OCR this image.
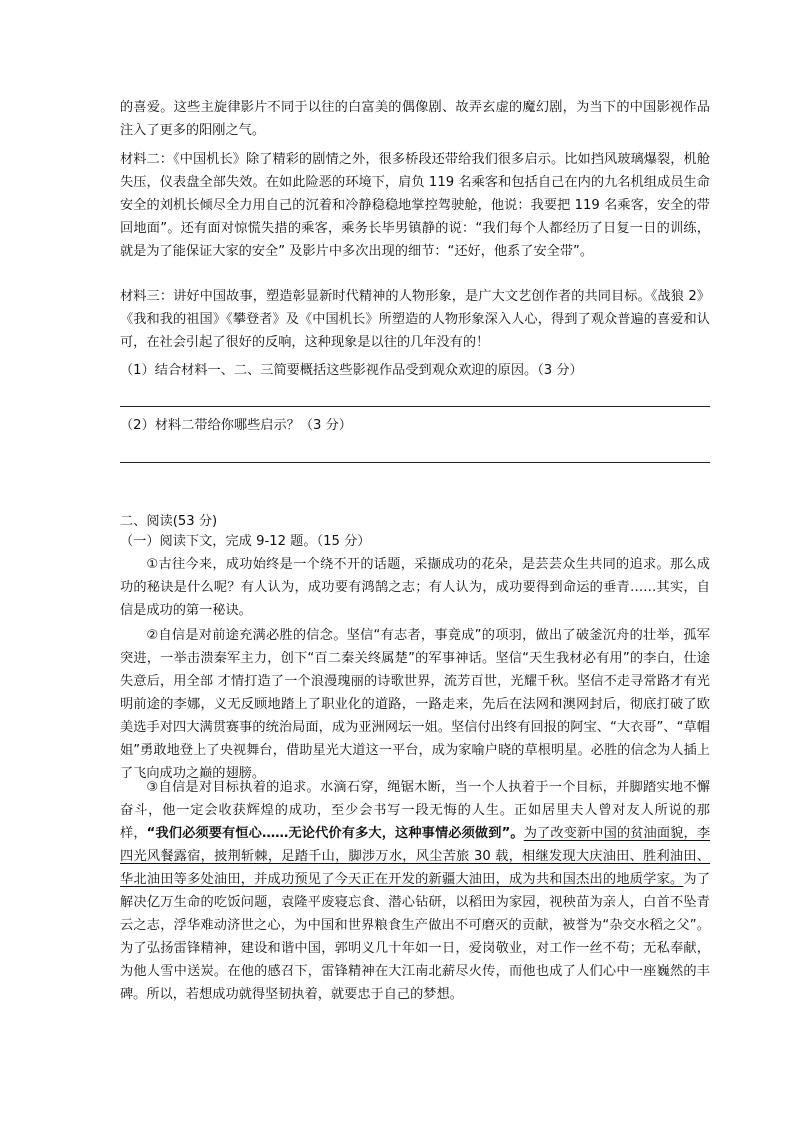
的喜爱。这些主旋律影片不同于以往的白富美的偶像剧、故弄玄虚的魔幻剧，为当下的中国影视作品注入了更多的阳刚之气。

材料二：《中国机长》除了精彩的剧情之外，很多桥段还带给我们很多启示。比如挡风玻璃爆裂，机舱失压，仪表盘全部失效。在如此险恶的环境下，肩负 119 名乘客和包括自己在内的九名机组成员生命安全的刘机长倾尽全力用自己的沉着和冷静稳稳地掌控驾驶舱，他说：我要把 119 名乘客，安全的带回地面”。还有面对惊慌失措的乘客，乘务长毕男镇静的说：“我们每个人都经历了日复一日的训练，就是为了能保证大家的安全” 及影片中多次出现的细节：“还好，他系了安全带”。

材料三：讲好中国故事，塑造彰显新时代精神的人物形象，是广大文艺创作者的共同目标。《战狼 2》《我和我的祖国》《攀登者》及《中国机长》所塑造的人物形象深入人心，得到了观众普遍的喜爱和认可，在社会引起了很好的反响，这种现象是以往的几年没有的！

（1）结合材料一、二、三简要概括这些影视作品受到观众欢迎的原因。（3 分）

（2）材料二带给你哪些启示？（3 分）

二、阅读(53 分)

（一）阅读下文，完成 9-12 题。（15 分）

①古往今来，成功始终是一个绕不开的话题，采撷成功的花朵，是芸芸众生共同的追求。那么成功的秘诀是什么呢？有人认为，成功要有鸿鹄之志；有人认为，成功要得到命运的垂青……其实，自信是成功的第一秘诀。

②自信是对前途充满必胜的信念。坚信“有志者，事竟成”的项羽，做出了破釜沉舟的壮举，孤军突进，一举击溃秦军主力，创下“百二秦关终属楚”的军事神话。坚信“天生我材必有用”的李白，仕途失意后，用全部 才情打造了一个浪漫瑰丽的诗歌世界，流芳百世，光耀千秋。坚信不走寻常路才有光明前途的李娜，义无反顾地踏上了职业化的道路，一路走来，先后在法网和澳网封后，彻底打破了欧美选手对四大满贯赛事的统治局面，成为亚洲网坛一姐。坚信付出终有回报的阿宝、“大衣哥”、“草帽姐”勇敢地登上了央视舞台，借助星光大道这一平台，成为家喻户晓的草根明星。必胜的信念为人插上了飞向成功之巅的翅膀。

③自信是对目标执着的追求。水滴石穿，绳锯木断，当一个人执着于一个目标，并脚踏实地不懈奋斗，他一定会收获辉煌的成功，至少会书写一段无悔的人生。正如居里夫人曾对友人所说的那样，“我们必须要有恒心……无论代价有多大，这种事情必须做到”。为了改变新中国的贫油面貌，李四光风餐露宿，披荆斩棘，足踏千山，脚涉万水，风尘苦旅 30 载，相继发现大庆油田、胜利油田、华北油田等多处油田，并成功预见了今天正在开发的新疆大油田，成为共和国杰出的地质学家。为了解决亿万生命的吃饭问题，袁隆平废寝忘食、潜心钻研，以稻田为家园，视秧苗为亲人，白首不坠青云之志，浮华难动济世之心，为中国和世界粮食生产做出不可磨灭的贡献，被誉为“杂交水稻之父”。为了弘扬雷锋精神，建设和谐中国，郭明义几十年如一日，爱岗敬业，对工作一丝不苟；无私奉献，为他人雪中送炭。在他的感召下，雷锋精神在大江南北薪尽火传，而他也成了人们心中一座巍然的丰碑。所以，若想成功就得坚韧执着，就要忠于自己的梦想。
